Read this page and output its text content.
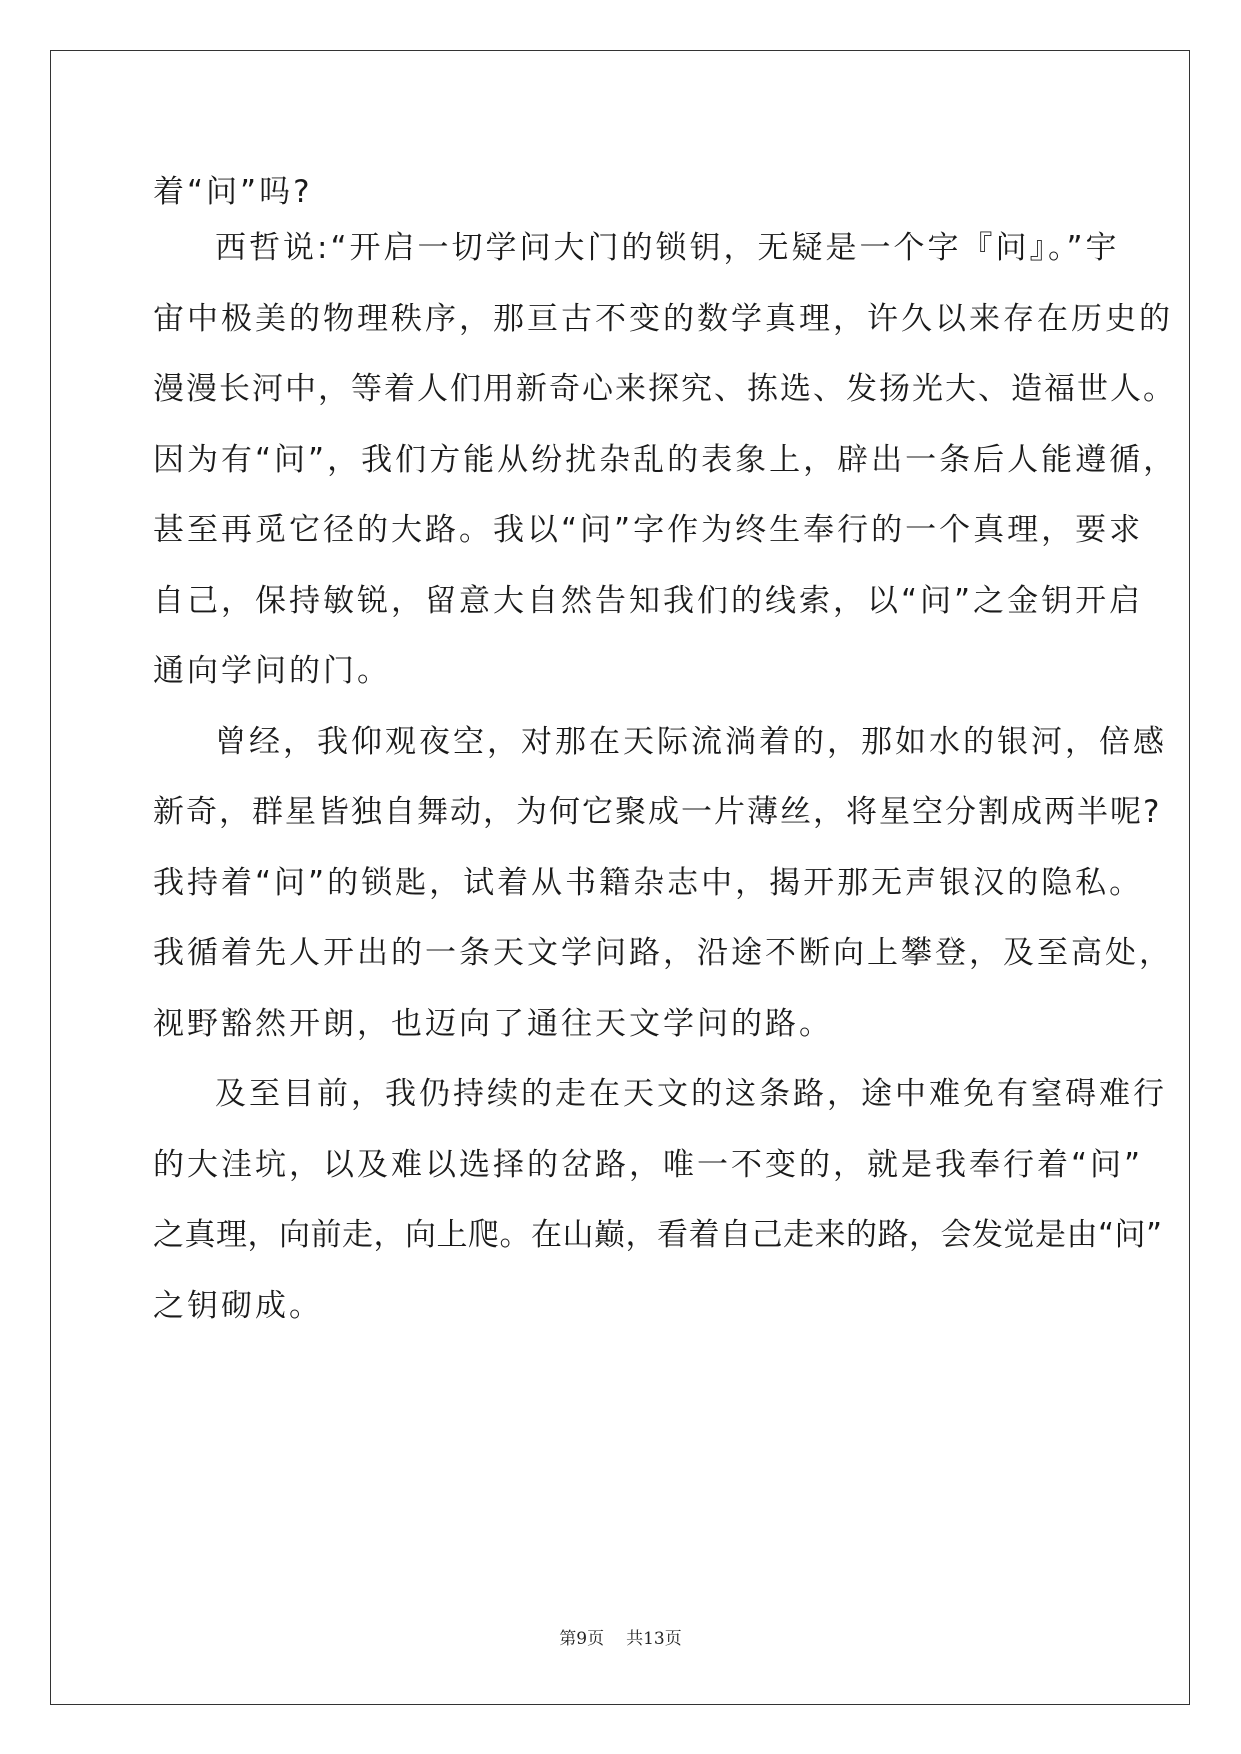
着“问”吗?
西哲说:“开启一切学问大门的锁钥，无疑是一个字『问』。”宇
宙中极美的物理秩序，那亘古不变的数学真理，许久以来存在历史的
漫漫长河中，等着人们用新奇心来探究、拣选、发扬光大、造福世人。
因为有“问”，我们方能从纷扰杂乱的表象上，辟出一条后人能遵循，
甚至再觅它径的大路。我以“问”字作为终生奉行的一个真理，要求
自己，保持敏锐，留意大自然告知我们的线索，以“问”之金钥开启
通向学问的门。
曾经，我仰观夜空，对那在天际流淌着的，那如水的银河，倍感
新奇，群星皆独自舞动，为何它聚成一片薄丝，将星空分割成两半呢?
我持着“问”的锁匙，试着从书籍杂志中，揭开那无声银汉的隐私。
我循着先人开出的一条天文学问路，沿途不断向上攀登，及至高处，
视野豁然开朗，也迈向了通往天文学问的路。
及至目前，我仍持续的走在天文的这条路，途中难免有窒碍难行
的大洼坑，以及难以选择的岔路，唯一不变的，就是我奉行着“问”
之真理，向前走，向上爬。在山巅，看着自己走来的路，会发觉是由“问”
之钥砌成。
第9页 共13页
